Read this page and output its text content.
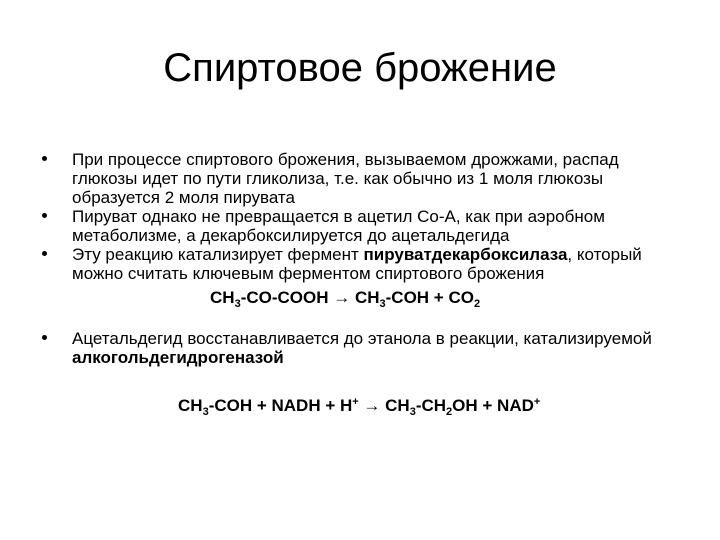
Спиртовое брожение
При процессе спиртового брожения, вызываемом дрожжами, распад глюкозы идет по пути гликолиза, т.е. как обычно из 1 моля глюкозы образуется 2 моля пирувата
Пируват однако не превращается в ацетил Со-А, как при аэробном метаболизме, а декарбоксилируется до ацетальдегида
Эту реакцию катализирует фермент пируватдекарбоксилаза, который можно считать ключевым ферментом спиртового брожения
$CH_3-CO$-COOH → $CH_3$-COH + $CO_2$
Ацетальдегид восстанавливается до этанола в реакции, катализируемой алкогольдегидрогеназой
$CH_3$-COH + NADH + $H^+ \to CH_3-CH_2OH + NAD^+$
